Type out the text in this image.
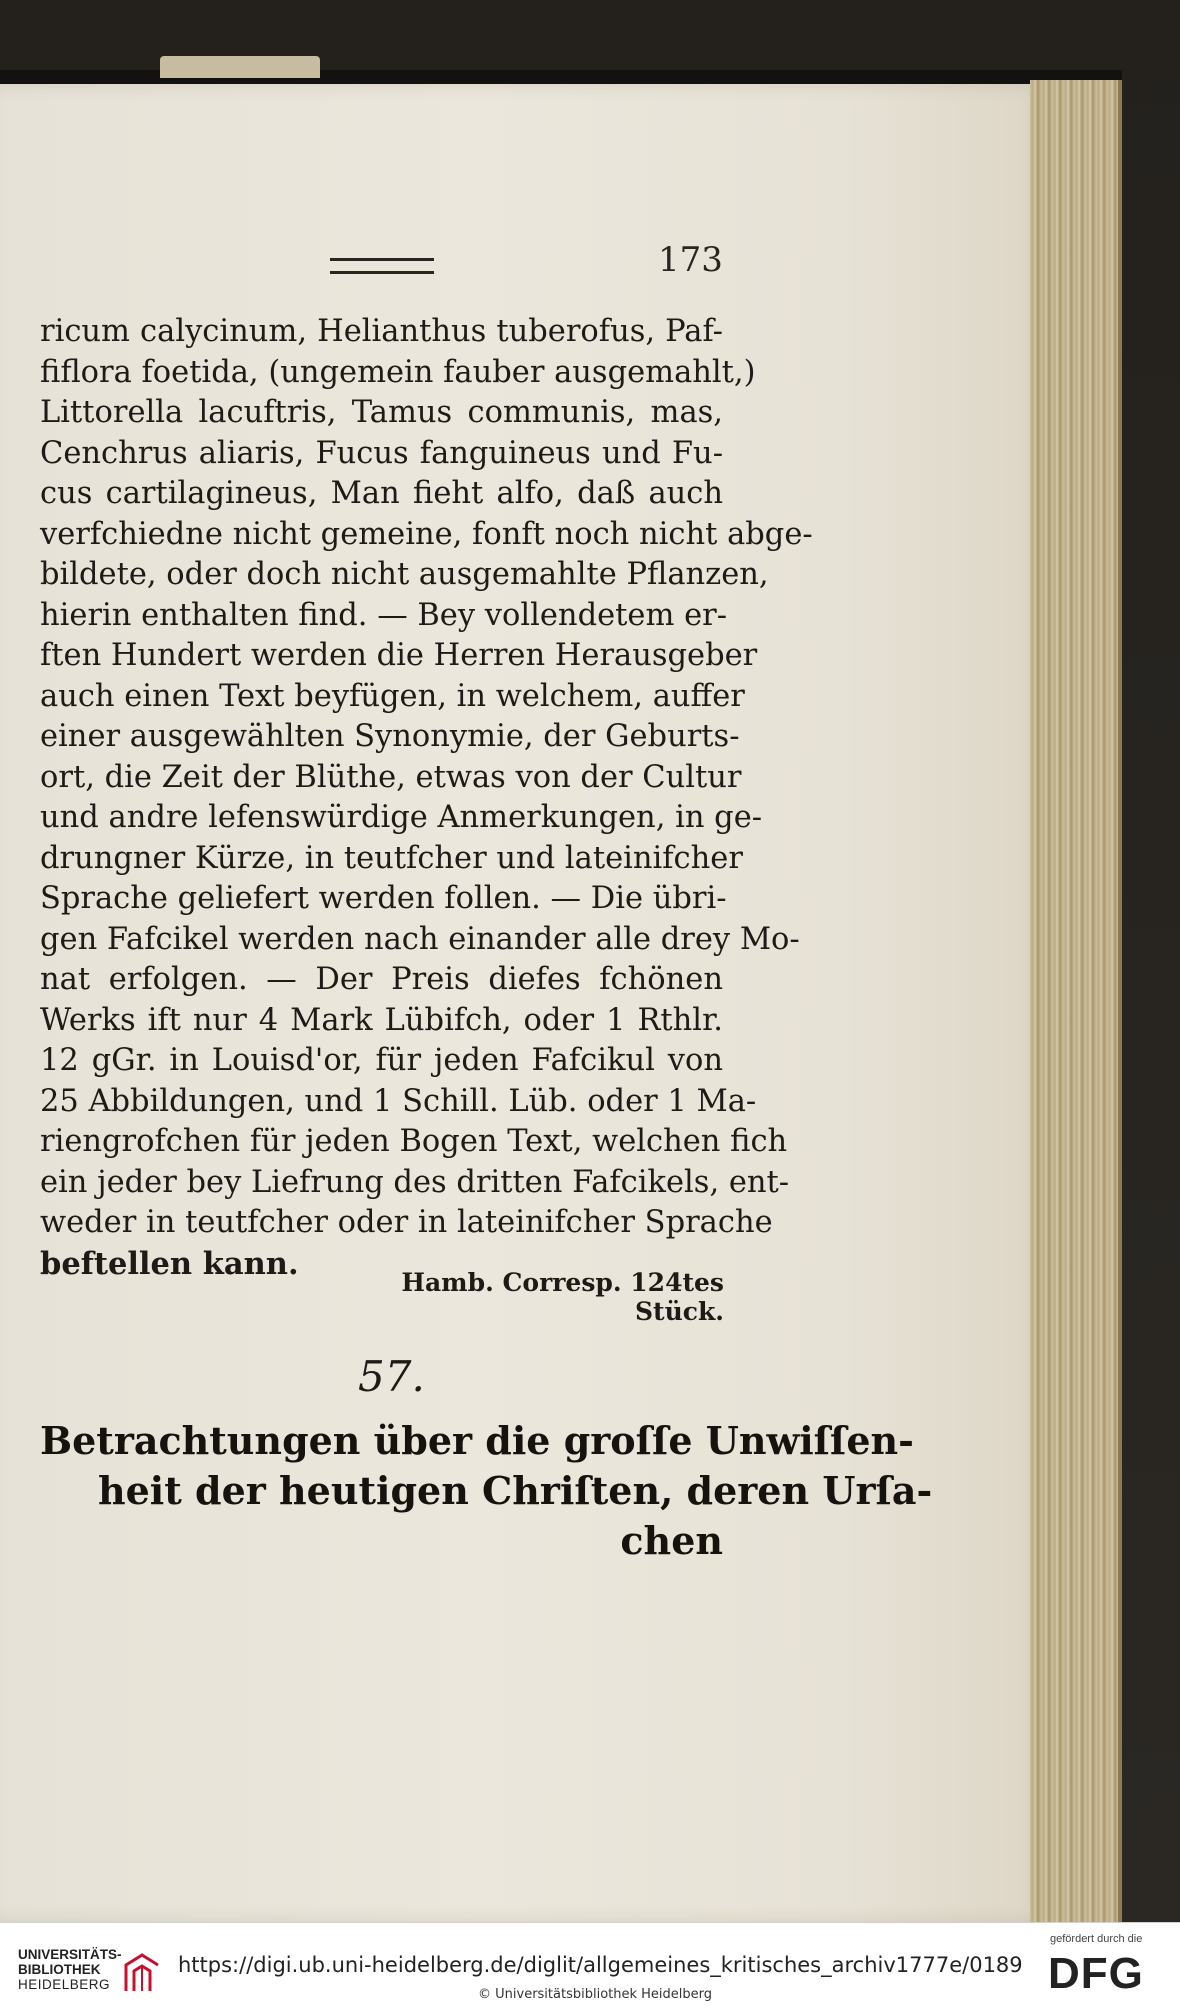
173
ricum calycinum, Helianthus tuberofus, Paf-
fiflora foetida, (ungemein fauber ausgemahlt,)
Littorella lacuftris, Tamus communis, mas,
Cenchrus aliaris, Fucus fanguineus und Fu-
cus cartilagineus, Man fieht alfo, daß auch
verfchiedne nicht gemeine, fonft noch nicht abge-
bildete, oder doch nicht ausgemahlte Pflanzen,
hierin enthalten find. — Bey vollendetem er-
ften Hundert werden die Herren Herausgeber
auch einen Text beyfügen, in welchem, auffer
einer ausgewählten Synonymie, der Geburts-
ort, die Zeit der Blüthe, etwas von der Cultur
und andre lefenswürdige Anmerkungen, in ge-
drungner Kürze, in teutfcher und lateinifcher
Sprache geliefert werden follen. — Die übri-
gen Fafcikel werden nach einander alle drey Mo-
nat erfolgen. — Der Preis diefes fchönen
Werks ift nur 4 Mark Lübifch, oder 1 Rthlr.
12 gGr. in Louisd'or, für jeden Fafcikul von
25 Abbildungen, und 1 Schill. Lüb. oder 1 Ma-
riengrofchen für jeden Bogen Text, welchen fich
ein jeder bey Liefrung des dritten Fafcikels, ent-
weder in teutfcher oder in lateinifcher Sprache
beftellen kann.
Hamb. Corresp. 124tes Stück.
57.
Betrachtungen über die groſſe Unwiſſen-
heit der heutigen Chriſten, deren Urſa-
chen
UNIVERSITÄTS-
BIBLIOTHEK
HEIDELBERG
https://digi.ub.uni-heidelberg.de/diglit/allgemeines_kritisches_archiv1777e/0189
© Universitätsbibliothek Heidelberg
gefördert durch die
DFG
